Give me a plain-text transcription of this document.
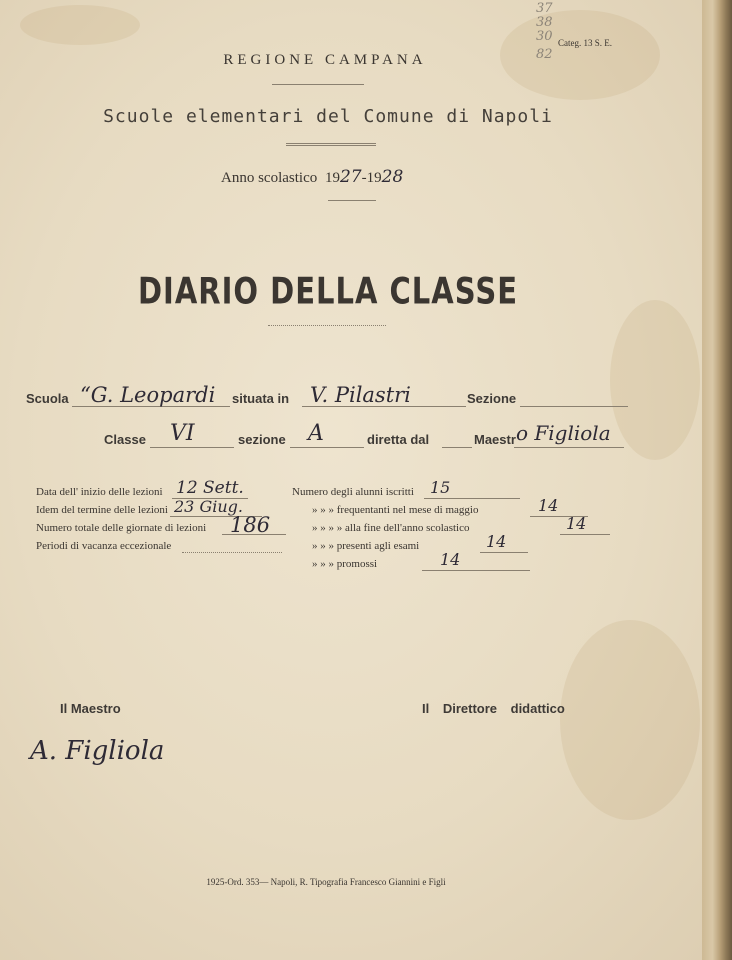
37
38
30
82
Categ. 13 S. E.
REGIONE CAMPANA
Scuole elementari del Comune di Napoli
Anno scolastico 1927-1928
DIARIO DELLA CLASSE
Scuola “G. Leopardi situata in V. Pilastri	Sezione
Classe VI	sezione A	diretta dal	Maestr o Figliola
Data dell' inizio delle lezioni 12 Sett.
Idem del termine delle lezioni 23 Giug.
Numero totale delle giornate di lezioni 186
Periodi di vacanza eccezionale
Numero degli alunni iscritti 15
» » » frequentanti nel mese di maggio	14
» » » » alla fine dell'anno scolastico	14
» » » presenti agli esami	14
» » » promossi	14
Il Maestro	Il Direttore didattico
A. Figliola
1925-Ord. 353— Napoli, R. Tipografia Francesco Giannini e Figli
